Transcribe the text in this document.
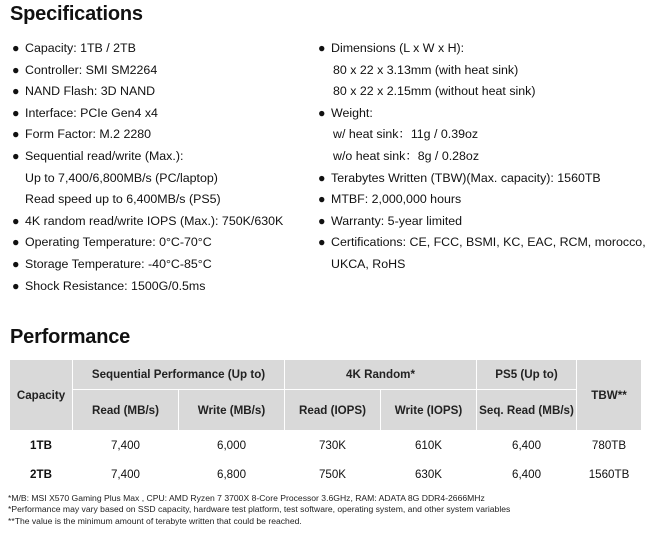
Specifications
● Capacity: 1TB / 2TB
● Controller: SMI SM2264
● NAND Flash: 3D NAND
● Interface: PCIe Gen4 x4
● Form Factor: M.2 2280
● Sequential read/write (Max.):
Up to 7,400/6,800MB/s (PC/laptop)
Read speed up to 6,400MB/s (PS5)
● 4K random read/write IOPS (Max.): 750K/630K
● Operating Temperature: 0°C-70°C
● Storage Temperature: -40°C-85°C
● Shock Resistance: 1500G/0.5ms
● Dimensions (L x W x H):
80 x 22 x 3.13mm (with heat sink)
80 x 22 x 2.15mm (without heat sink)
● Weight:
w/ heat sink：11g / 0.39oz
w/o heat sink：8g / 0.28oz
● Terabytes Written (TBW)(Max. capacity): 1560TB
● MTBF: 2,000,000 hours
● Warranty: 5-year limited
● Certifications: CE, FCC, BSMI, KC, EAC, RCM, morocco,
UKCA, RoHS
Performance
Capacity	Sequential Performance (Up to)		4K Random*		PS5 (Up to)	TBW**
	Read (MB/s)	Write (MB/s)	Read (IOPS)	Write (IOPS)	Seq. Read (MB/s)	
1TB	7,400	6,000	730K	610K	6,400	780TB
2TB	7,400	6,800	750K	630K	6,400	1560TB
*M/B: MSI X570 Gaming Plus Max , CPU: AMD Ryzen 7 3700X 8-Core Processor 3.6GHz, RAM: ADATA 8G DDR4-2666MHz
*Performance may vary based on SSD capacity, hardware test platform, test software, operating system, and other system variables
**The value is the minimum amount of terabyte written that could be reached.
